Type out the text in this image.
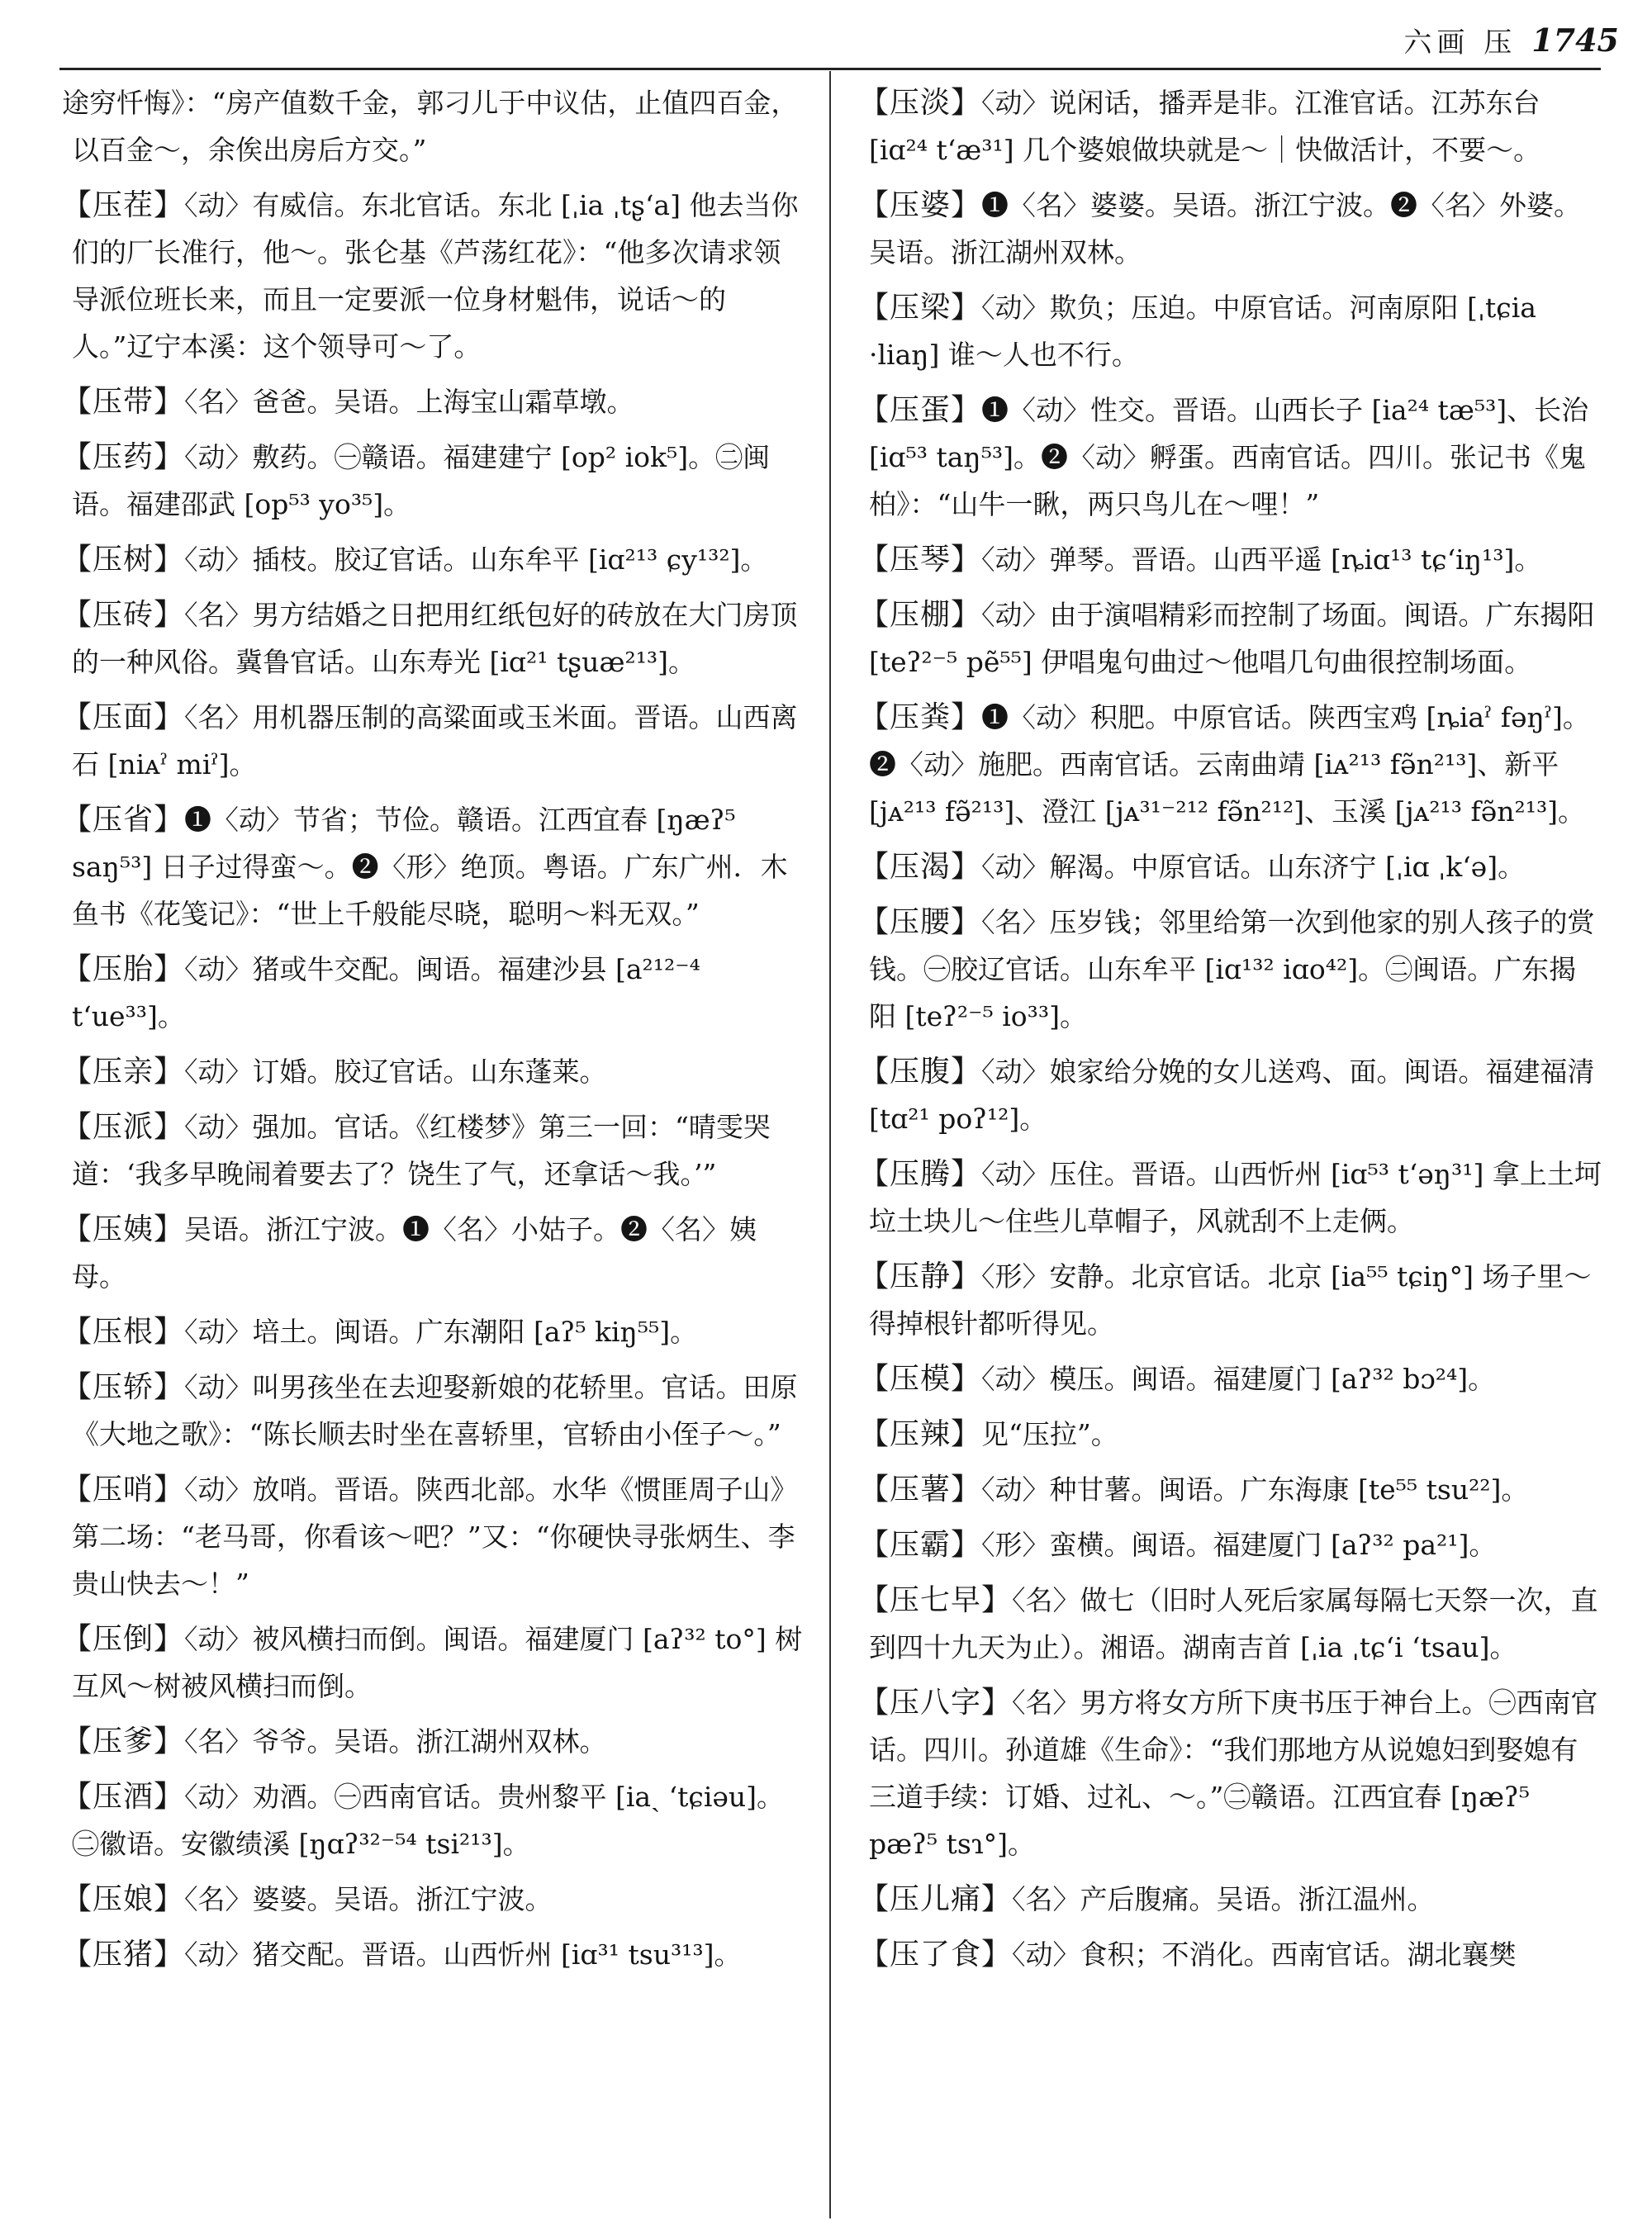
六画 压 1745

途穷忏悔》：“房产值数千金，郭刁儿于中议估，止值四百金，以百金～，余俟出房后方交。”

【压茬】〈动〉有威信。东北官话。东北 [ˌia ˌtʂʻa] 他去当你们的厂长准行，他～。张仑基《芦荡红花》：“他多次请求领导派位班长来，而且一定要派一位身材魁伟，说话～的人。”辽宁本溪：这个领导可～了。

【压带】〈名〉爸爸。吴语。上海宝山霜草墩。

【压药】〈动〉敷药。㊀赣语。福建建宁 [op² iok⁵]。㊁闽语。福建邵武 [op⁵³ yo³⁵]。

【压树】〈动〉插枝。胶辽官话。山东牟平 [iɑ²¹³ ɕy¹³²]。

【压砖】〈名〉男方结婚之日把用红纸包好的砖放在大门房顶的一种风俗。冀鲁官话。山东寿光 [iɑ²¹ tʂuæ²¹³]。

【压面】〈名〉用机器压制的高粱面或玉米面。晋语。山西离石 [niᴀˀ miˀ]。

【压省】❶〈动〉节省；节俭。赣语。江西宜春 [ŋæʔ⁵ saŋ⁵³] 日子过得蛮～。❷〈形〉绝顶。粤语。广东广州．木鱼书《花笺记》：“世上千般能尽晓，聪明～料无双。”

【压胎】〈动〉猪或牛交配。闽语。福建沙县 [a²¹²⁻⁴ tʻue³³]。

【压亲】〈动〉订婚。胶辽官话。山东蓬莱。

【压派】〈动〉强加。官话。《红楼梦》第三一回：“晴雯哭道：‘我多早晚闹着要去了？饶生了气，还拿话～我。’”

【压姨】吴语。浙江宁波。❶〈名〉小姑子。❷〈名〉姨母。

【压根】〈动〉培土。闽语。广东潮阳 [aʔ⁵ kiŋ⁵⁵]。

【压轿】〈动〉叫男孩坐在去迎娶新娘的花轿里。官话。田原《大地之歌》：“陈长顺去时坐在喜轿里，官轿由小侄子～。”

【压哨】〈动〉放哨。晋语。陕西北部。水华《惯匪周子山》第二场：“老马哥，你看该～吧？”又：“你硬快寻张炳生、李贵山快去～！”

【压倒】〈动〉被风横扫而倒。闽语。福建厦门 [aʔ³² to°] 树互风～树被风横扫而倒。

【压爹】〈名〉爷爷。吴语。浙江湖州双林。

【压酒】〈动〉劝酒。㊀西南官话。贵州黎平 [iaˎ ʻtɕiəu]。㊁徽语。安徽绩溪 [ŋɑʔ³²⁻⁵⁴ tsi²¹³]。

【压娘】〈名〉婆婆。吴语。浙江宁波。

【压猪】〈动〉猪交配。晋语。山西忻州 [iɑ³¹ tsu³¹³]。

【压淡】〈动〉说闲话，播弄是非。江淮官话。江苏东台 [iɑ²⁴ tʻæ³¹] 几个婆娘做块就是～｜快做活计，不要～。

【压婆】❶〈名〉婆婆。吴语。浙江宁波。❷〈名〉外婆。吴语。浙江湖州双林。

【压梁】〈动〉欺负；压迫。中原官话。河南原阳 [ˌtɕia ·liaŋ] 谁～人也不行。

【压蛋】❶〈动〉性交。晋语。山西长子 [ia²⁴ tæ⁵³]、长治 [iɑ⁵³ taŋ⁵³]。❷〈动〉孵蛋。西南官话。四川。张记书《鬼柏》：“山牛一瞅，两只鸟儿在～哩！”

【压琴】〈动〉弹琴。晋语。山西平遥 [ȵiɑ¹³ tɕʻiŋ¹³]。

【压棚】〈动〉由于演唱精彩而控制了场面。闽语。广东揭阳 [teʔ²⁻⁵ pẽ⁵⁵] 伊唱鬼句曲过～他唱几句曲很控制场面。

【压粪】❶〈动〉积肥。中原官话。陕西宝鸡 [ȵiaˀ fəŋˀ]。❷〈动〉施肥。西南官话。云南曲靖 [iᴀ²¹³ fə̃n²¹³]、新平 [jᴀ²¹³ fə̃²¹³]、澄江 [jᴀ³¹⁻²¹² fə̃n²¹²]、玉溪 [jᴀ²¹³ fə̃n²¹³]。

【压渴】〈动〉解渴。中原官话。山东济宁 [ˌiɑ ˌkʻə]。

【压腰】〈名〉压岁钱；邻里给第一次到他家的别人孩子的赏钱。㊀胶辽官话。山东牟平 [iɑ¹³² iɑo⁴²]。㊁闽语。广东揭阳 [teʔ²⁻⁵ io³³]。

【压腹】〈动〉娘家给分娩的女儿送鸡、面。闽语。福建福清 [tɑ²¹ poʔ¹²]。

【压腾】〈动〉压住。晋语。山西忻州 [iɑ⁵³ tʻəŋ³¹] 拿上土坷垃土块儿～住些儿草帽子，风就刮不上走俩。

【压静】〈形〉安静。北京官话。北京 [ia⁵⁵ tɕiŋ°] 场子里～得掉根针都听得见。

【压模】〈动〉模压。闽语。福建厦门 [aʔ³² bɔ²⁴]。

【压辣】见“压拉”。

【压薯】〈动〉种甘薯。闽语。广东海康 [te⁵⁵ tsu²²]。

【压霸】〈形〉蛮横。闽语。福建厦门 [aʔ³² pa²¹]。

【压七早】〈名〉做七（旧时人死后家属每隔七天祭一次，直到四十九天为止）。湘语。湖南吉首 [ˌia ˌtɕʻi ʻtsau]。

【压八字】〈名〉男方将女方所下庚书压于神台上。㊀西南官话。四川。孙道雄《生命》：“我们那地方从说媳妇到娶媳有三道手续：订婚、过礼、～。”㊁赣语。江西宜春 [ŋæʔ⁵ pæʔ⁵ tsɿ°]。

【压儿痛】〈名〉产后腹痛。吴语。浙江温州。

【压了食】〈动〉食积；不消化。西南官话。湖北襄樊
